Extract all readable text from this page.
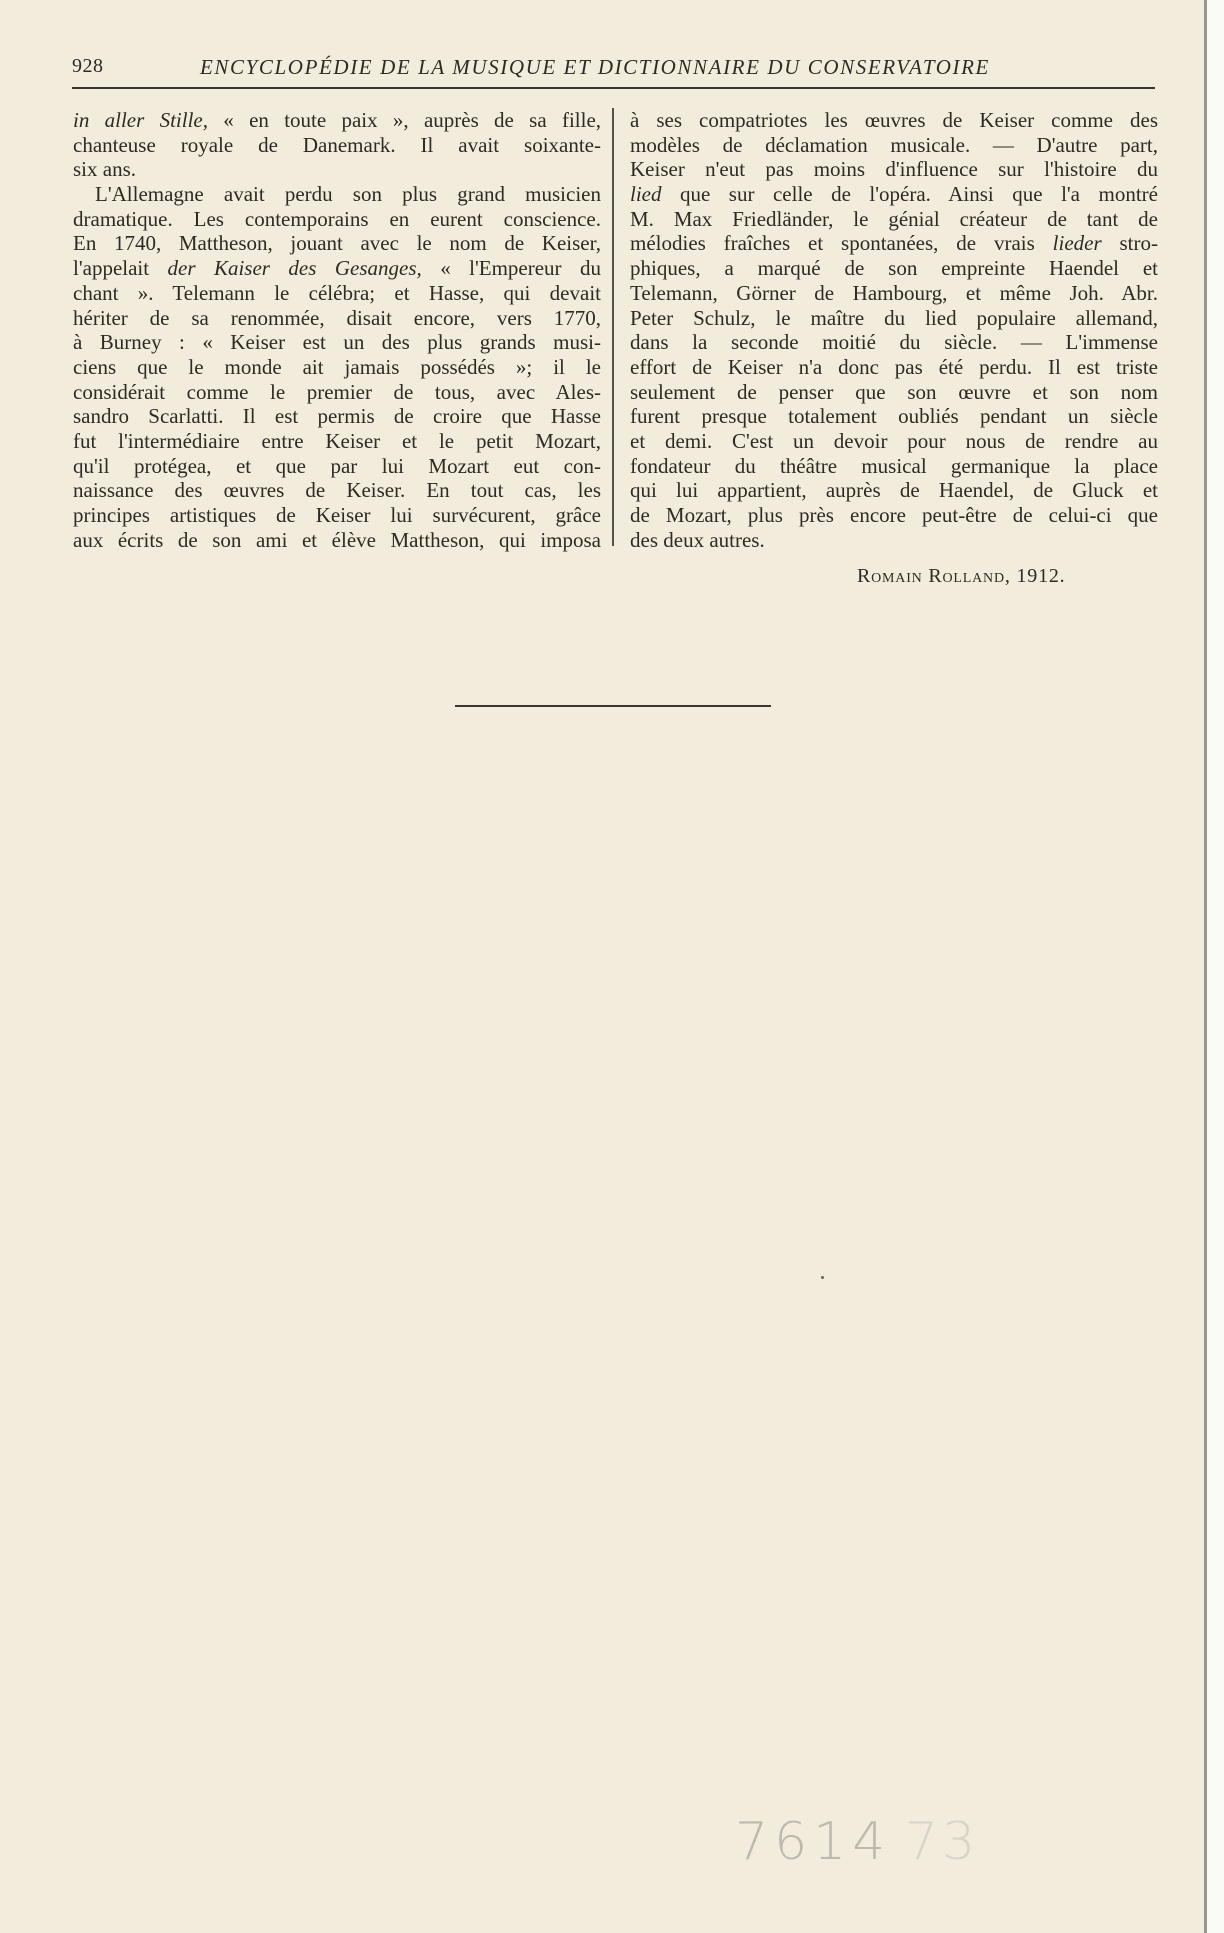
928	ENCYCLOPÉDIE DE LA MUSIQUE ET DICTIONNAIRE DU CONSERVATOIRE
in aller Stille, « en toute paix », auprès de sa fille,
chanteuse royale de Danemark. Il avait soixante-
six ans.
L'Allemagne avait perdu son plus grand musicien
dramatique. Les contemporains en eurent conscience.
En 1740, Mattheson, jouant avec le nom de Keiser,
l'appelait der Kaiser des Gesanges, « l'Empereur du
chant ». Telemann le célébra; et Hasse, qui devait
hériter de sa renommée, disait encore, vers 1770,
à Burney : « Keiser est un des plus grands musi-
ciens que le monde ait jamais possédés »; il le
considérait comme le premier de tous, avec Ales-
sandro Scarlatti. Il est permis de croire que Hasse
fut l'intermédiaire entre Keiser et le petit Mozart,
qu'il protégea, et que par lui Mozart eut con-
naissance des œuvres de Keiser. En tout cas, les
principes artistiques de Keiser lui survécurent, grâce
aux écrits de son ami et élève Mattheson, qui imposa
à ses compatriotes les œuvres de Keiser comme des
modèles de déclamation musicale. — D'autre part,
Keiser n'eut pas moins d'influence sur l'histoire du
lied que sur celle de l'opéra. Ainsi que l'a montré
M. Max Friedländer, le génial créateur de tant de
mélodies fraîches et spontanées, de vrais lieder stro-
phiques, a marqué de son empreinte Haendel et
Telemann, Görner de Hambourg, et même Joh. Abr.
Peter Schulz, le maître du lied populaire allemand,
dans la seconde moitié du siècle. — L'immense
effort de Keiser n'a donc pas été perdu. Il est triste
seulement de penser que son œuvre et son nom
furent presque totalement oubliés pendant un siècle
et demi. C'est un devoir pour nous de rendre au
fondateur du théâtre musical germanique la place
qui lui appartient, auprès de Haendel, de Gluck et
de Mozart, plus près encore peut-être de celui-ci que
des deux autres.
Romain Rolland, 1912.
7614 73
